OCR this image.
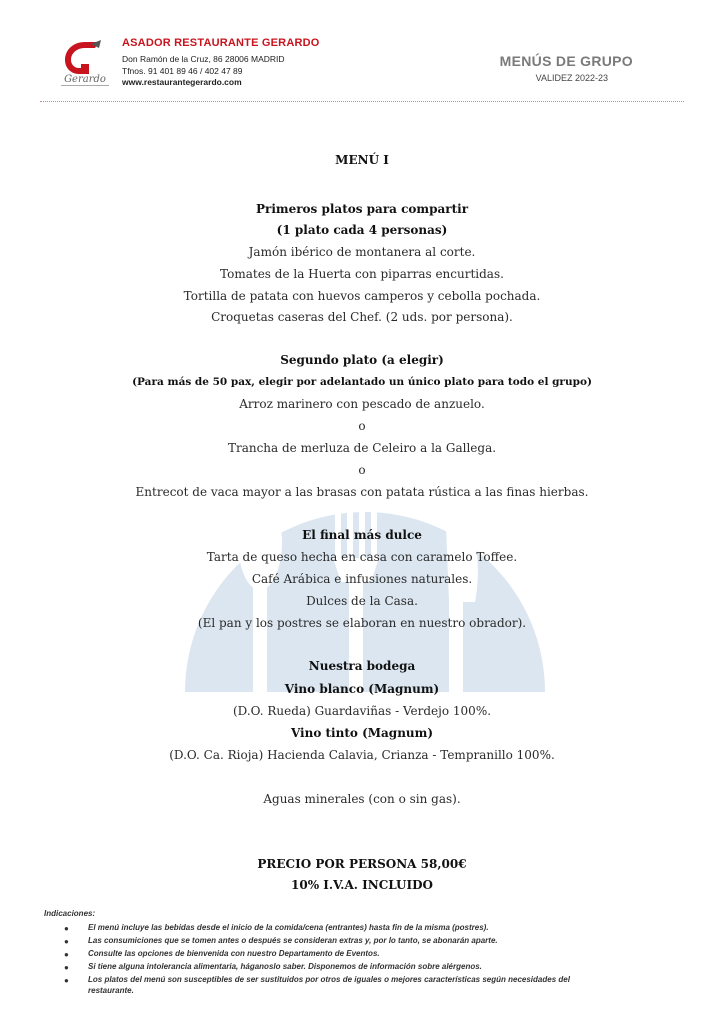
Gerardo
ASADOR RESTAURANTE GERARDO
Don Ramón de la Cruz, 86 28006 MADRID
Tfnos. 91 401 89 46 / 402 47 89
www.restaurantegerardo.com
MENÚS DE GRUPO
VALIDEZ 2022-23
MENÚ I
Primeros platos para compartir
(1 plato cada 4 personas)
Jamón ibérico de montanera al corte.
Tomates de la Huerta con piparras encurtidas.
Tortilla de patata con huevos camperos y cebolla pochada.
Croquetas caseras del Chef. (2 uds. por persona).
Segundo plato (a elegir)
(Para más de 50 pax, elegir por adelantado un único plato para todo el grupo)
Arroz marinero con pescado de anzuelo.
o
Trancha de merluza de Celeiro a la Gallega.
o
Entrecot de vaca mayor a las brasas con patata rústica a las finas hierbas.
El final más dulce
Tarta de queso hecha en casa con caramelo Toffee.
Café Arábica e infusiones naturales.
Dulces de la Casa.
(El pan y los postres se elaboran en nuestro obrador).
Nuestra bodega
Vino blanco (Magnum)
(D.O. Rueda) Guardaviñas - Verdejo 100%.
Vino tinto (Magnum)
(D.O. Ca. Rioja) Hacienda Calavia, Crianza - Tempranillo 100%.
Aguas minerales (con o sin gas).
PRECIO POR PERSONA 58,00€
10% I.V.A. INCLUIDO
Indicaciones:
● El menú incluye las bebidas desde el inicio de la comida/cena (entrantes) hasta fin de la misma (postres).
● Las consumiciones que se tomen antes o después se consideran extras y, por lo tanto, se abonarán aparte.
● Consulte las opciones de bienvenida con nuestro Departamento de Eventos.
● Si tiene alguna intolerancia alimentaria, háganoslo saber. Disponemos de información sobre alérgenos.
● Los platos del menú son susceptibles de ser sustituidos por otros de iguales o mejores características según necesidades del
restaurante.
